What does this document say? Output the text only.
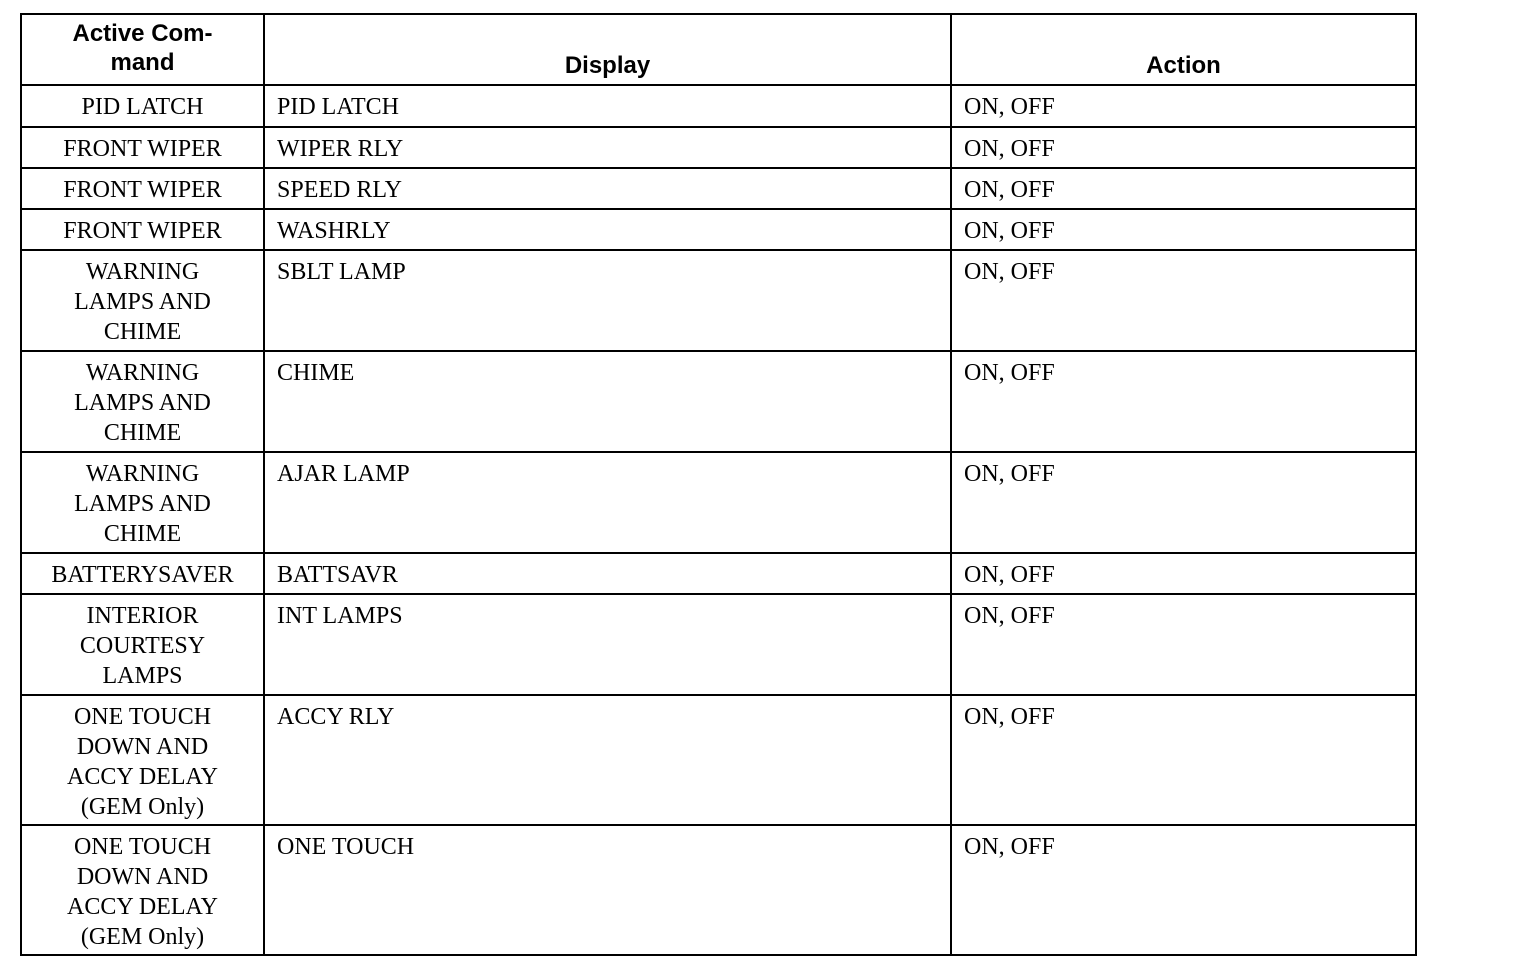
Active Com-
mand	Display	Action
PID LATCH	PID LATCH	ON, OFF
FRONT WIPER	WIPER RLY	ON, OFF
FRONT WIPER	SPEED RLY	ON, OFF
FRONT WIPER	WASHRLY	ON, OFF
WARNING
LAMPS AND
CHIME	SBLT LAMP	ON, OFF
WARNING
LAMPS AND
CHIME	CHIME	ON, OFF
WARNING
LAMPS AND
CHIME	AJAR LAMP	ON, OFF
BATTERYSAVER	BATTSAVR	ON, OFF
INTERIOR
COURTESY
LAMPS	INT LAMPS	ON, OFF
ONE TOUCH
DOWN AND
ACCY DELAY
(GEM Only)	ACCY RLY	ON, OFF
ONE TOUCH
DOWN AND
ACCY DELAY
(GEM Only)	ONE TOUCH	ON, OFF
